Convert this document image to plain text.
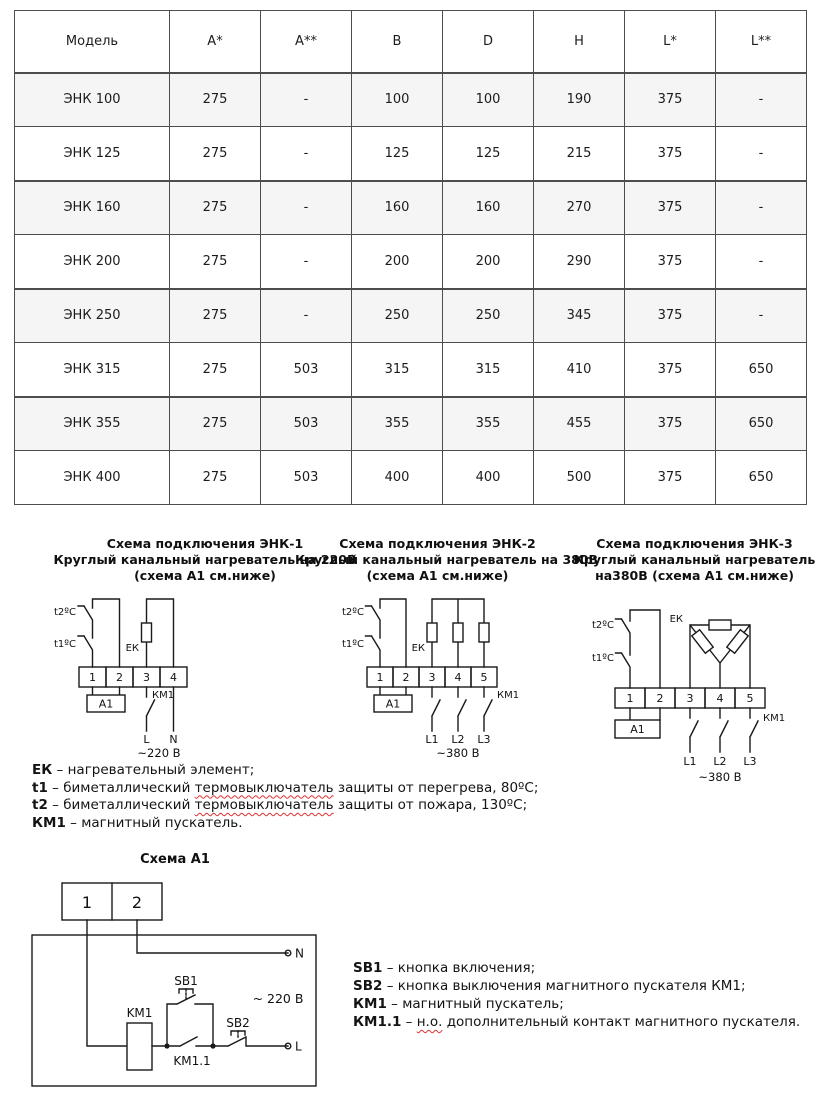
Модель	A*	A**	B	D	H	L*	L**
ЭНК 100	275	-	100	100	190	375	-
ЭНК 125	275	-	125	125	215	375	-
ЭНК 160	275	-	160	160	270	375	-
ЭНК 200	275	-	200	200	290	375	-
ЭНК 250	275	-	250	250	345	375	-
ЭНК 315	275	503	315	315	410	375	650
ЭНК 355	275	503	355	355	455	375	650
ЭНК 400	275	503	400	400	500	375	650
Схема подключения ЭНК-1
Круглый канальный нагреватель на 220В
(схема А1 см.ниже)
Схема подключения ЭНК-2
Круглый канальный нагреватель на 380В
(схема А1 см.ниже)
Схема подключения ЭНК-3
Круглый канальный нагреватель
на380В (схема А1 см.ниже)
t2ºC
t1ºC	ЕК
1 2 3 4
А1
КМ1
L N
~220 В
t2ºC
t1ºC	ЕК
1 2 3 4 5
А1
КМ1
L1 L2 L3
~380 В
t2ºC
t1ºC
ЕК
1 2 3 4 5
А1
КМ1
L1 L2 L3
~380 В
ЕК – нагревательный элемент;
t1 – биметаллический термовыключатель защиты от перегрева, 80ºС;
t2 – биметаллический термовыключатель защиты от пожара, 130ºС;
КМ1 – магнитный пускатель.
Схема А1
1 2
N
KM1
SB1
KM1.1
SB2
L
~ 220 В
SB1 – кнопка включения;
SB2 – кнопка выключения магнитного пускателя КМ1;
КМ1 – магнитный пускатель;
КМ1.1 – н.о. дополнительный контакт магнитного пускателя.
